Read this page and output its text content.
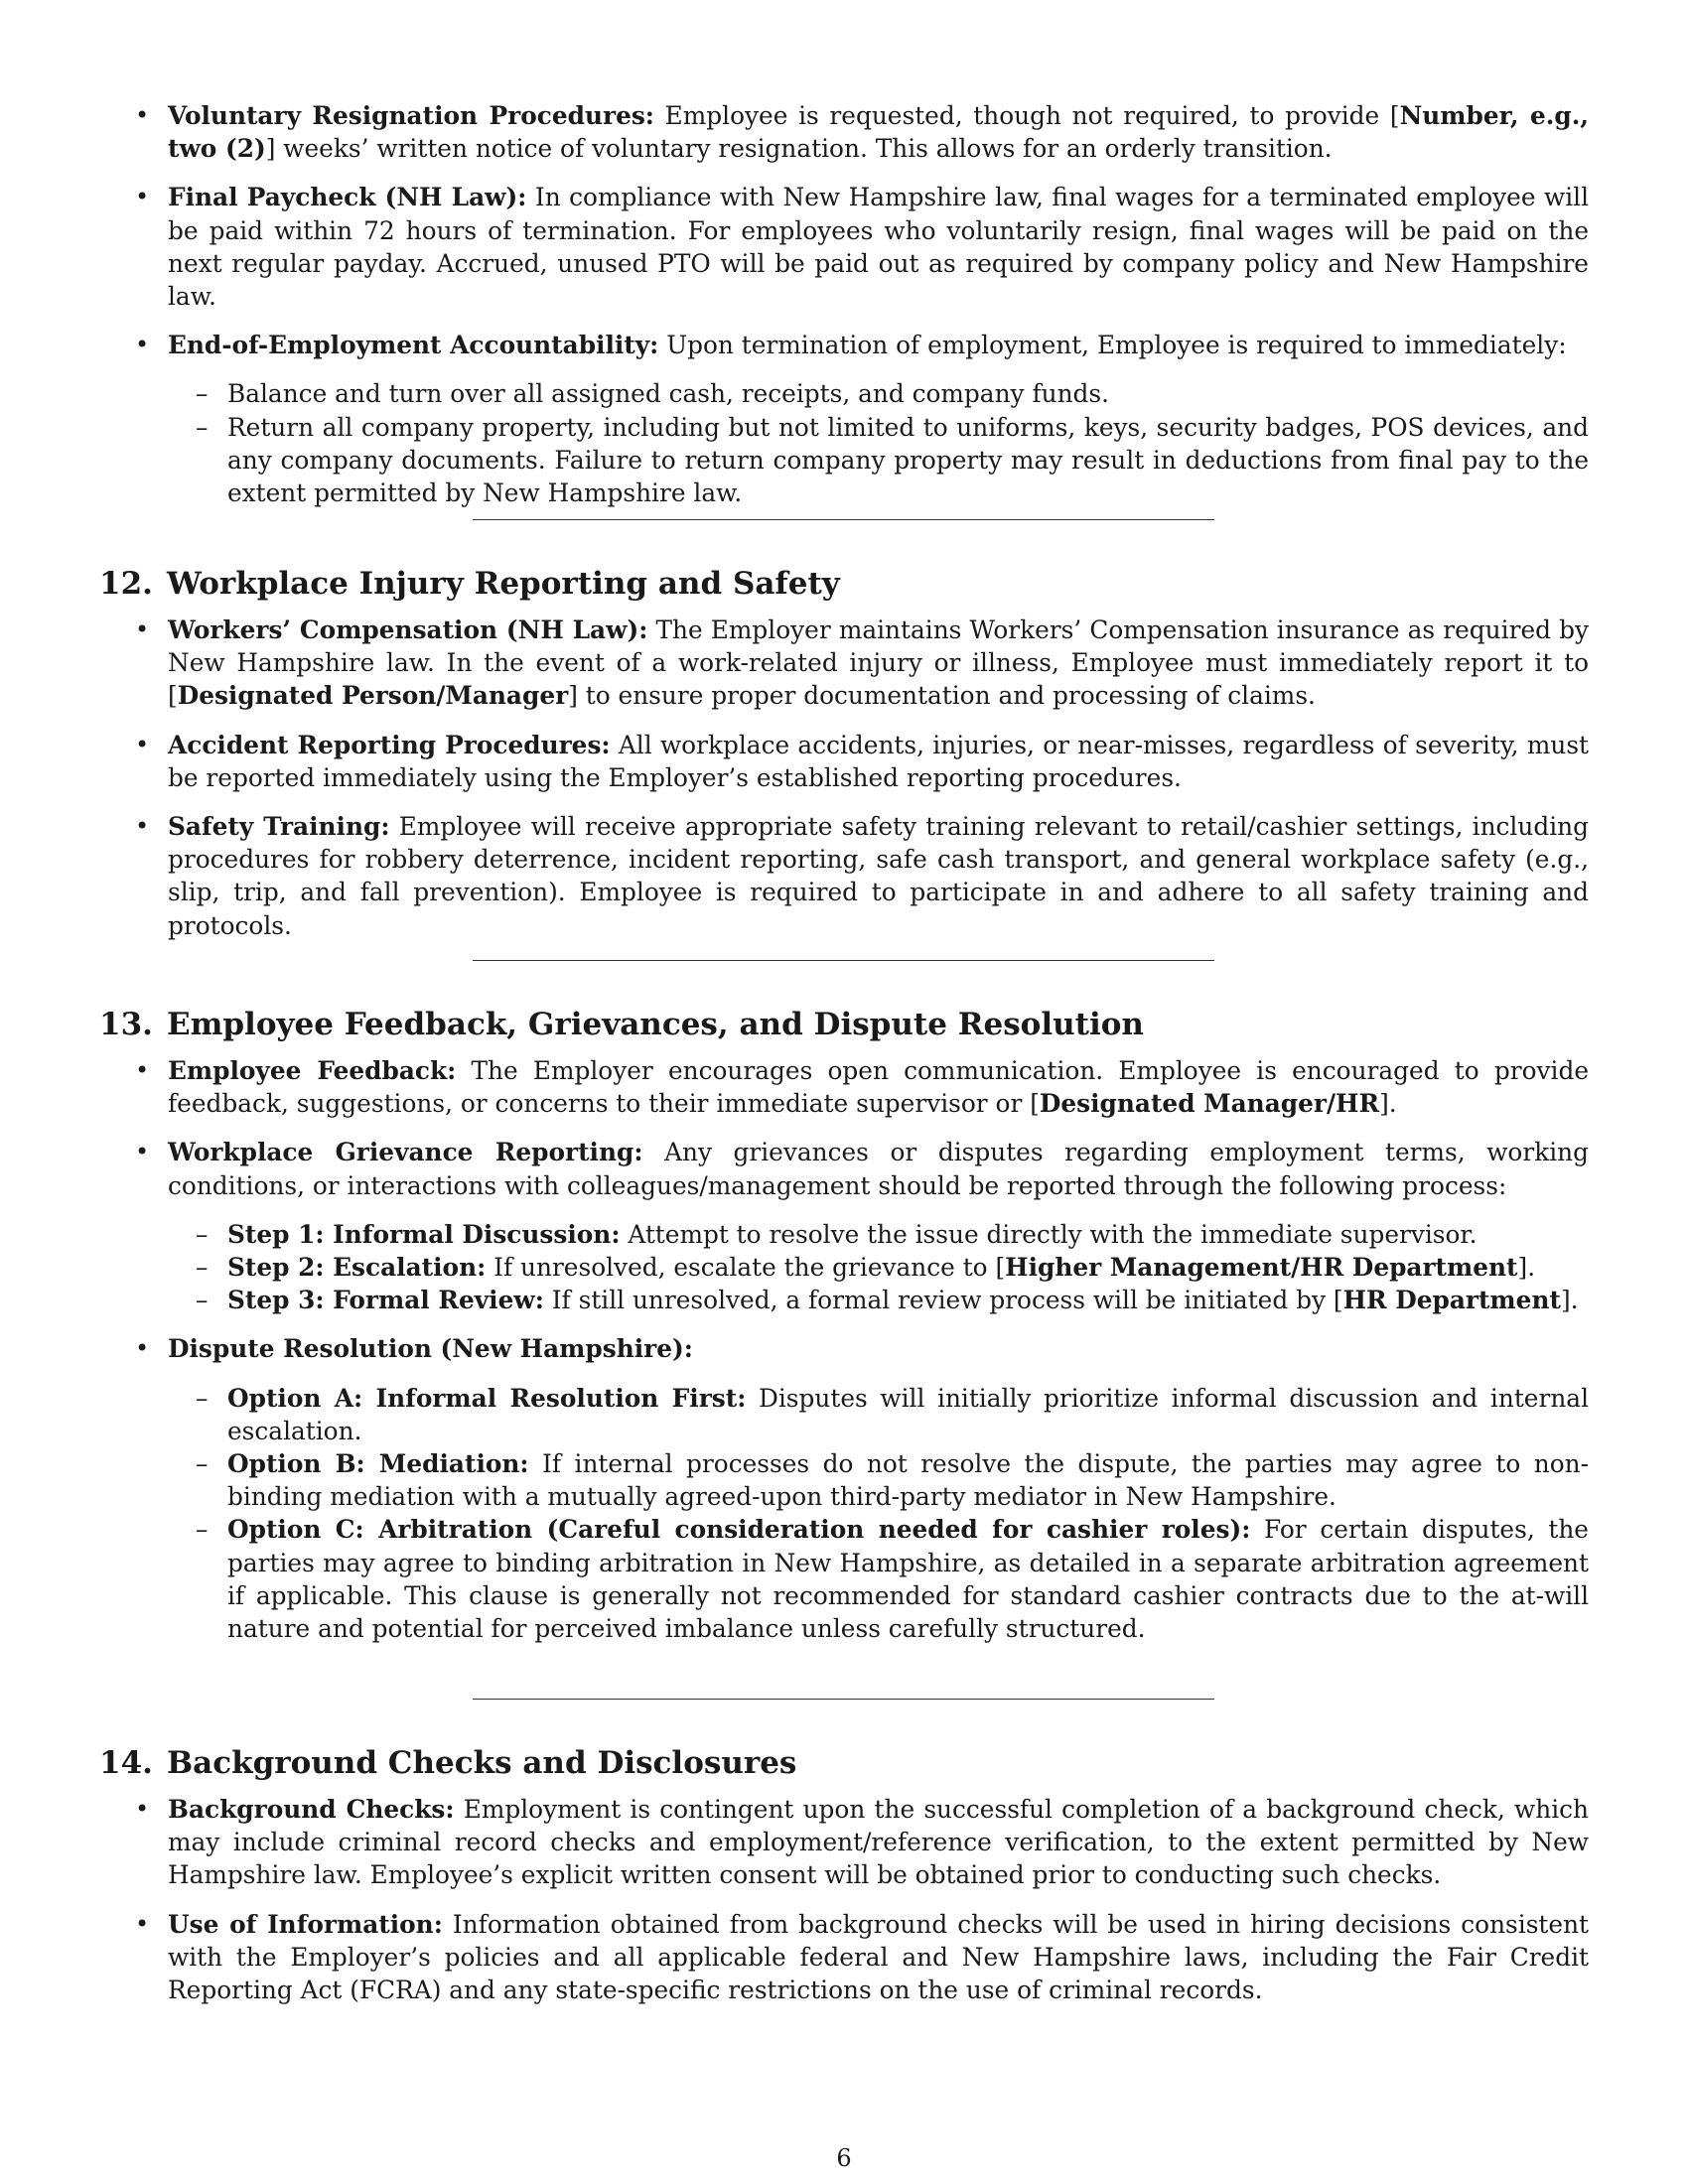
• Voluntary Resignation Procedures: Employee is requested, though not required, to provide [Number, e.g., two (2)] weeks’ written notice of voluntary resignation. This allows for an orderly transition.
• Final Paycheck (NH Law): In compliance with New Hampshire law, final wages for a terminated employee will be paid within 72 hours of termination. For employees who voluntarily resign, final wages will be paid on the next regular payday. Accrued, unused PTO will be paid out as required by company policy and New Hampshire law.
• End-of-Employment Accountability: Upon termination of employment, Employee is required to immediately:
– Balance and turn over all assigned cash, receipts, and company funds.
– Return all company property, including but not limited to uniforms, keys, security badges, POS devices, and any company documents. Failure to return company property may result in deductions from final pay to the extent permitted by New Hampshire law.
12. Workplace Injury Reporting and Safety
• Workers’ Compensation (NH Law): The Employer maintains Workers’ Compensation insurance as required by New Hampshire law. In the event of a work-related injury or illness, Employee must immediately report it to [Designated Person/Manager] to ensure proper documentation and processing of claims.
• Accident Reporting Procedures: All workplace accidents, injuries, or near-misses, regardless of severity, must be reported immediately using the Employer’s established reporting procedures.
• Safety Training: Employee will receive appropriate safety training relevant to retail/cashier settings, including procedures for robbery deterrence, incident reporting, safe cash transport, and general workplace safety (e.g., slip, trip, and fall prevention). Employee is required to participate in and adhere to all safety training and protocols.
13. Employee Feedback, Grievances, and Dispute Resolution
• Employee Feedback: The Employer encourages open communication. Employee is encouraged to provide feedback, suggestions, or concerns to their immediate supervisor or [Designated Manager/HR].
• Workplace Grievance Reporting: Any grievances or disputes regarding employment terms, working conditions, or interactions with colleagues/management should be reported through the following process:
– Step 1: Informal Discussion: Attempt to resolve the issue directly with the immediate supervisor.
– Step 2: Escalation: If unresolved, escalate the grievance to [Higher Management/HR Department].
– Step 3: Formal Review: If still unresolved, a formal review process will be initiated by [HR Department].
• Dispute Resolution (New Hampshire):
– Option A: Informal Resolution First: Disputes will initially prioritize informal discussion and internal escalation.
– Option B: Mediation: If internal processes do not resolve the dispute, the parties may agree to non-binding mediation with a mutually agreed-upon third-party mediator in New Hampshire.
– Option C: Arbitration (Careful consideration needed for cashier roles): For certain disputes, the parties may agree to binding arbitration in New Hampshire, as detailed in a separate arbitration agreement if applicable. This clause is generally not recommended for standard cashier contracts due to the at-will nature and potential for perceived imbalance unless carefully structured.
14. Background Checks and Disclosures
• Background Checks: Employment is contingent upon the successful completion of a background check, which may include criminal record checks and employment/reference verification, to the extent permitted by New Hampshire law. Employee’s explicit written consent will be obtained prior to conducting such checks.
• Use of Information: Information obtained from background checks will be used in hiring decisions consistent with the Employer’s policies and all applicable federal and New Hampshire laws, including the Fair Credit Reporting Act (FCRA) and any state-specific restrictions on the use of criminal records.
6
